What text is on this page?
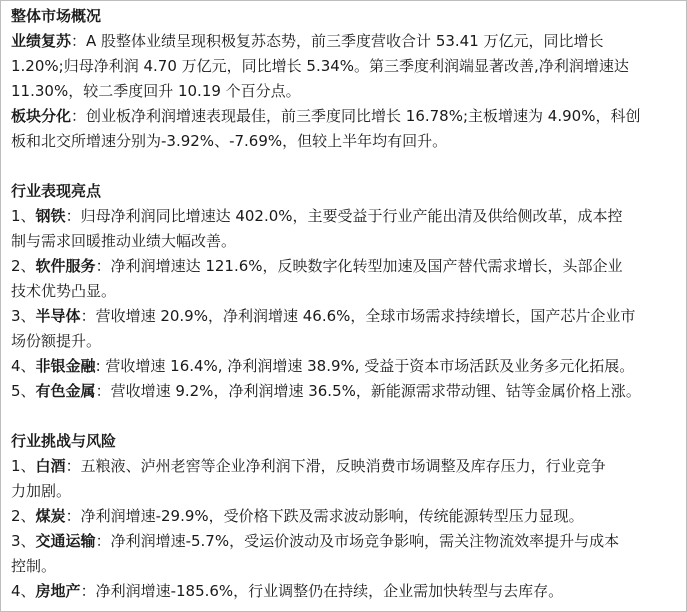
整体市场概况
业绩复苏：A 股整体业绩呈现积极复苏态势，前三季度营收合计 53.41 万亿元，同比增长
1.20%;归母净利润 4.70 万亿元，同比增长 5.34%。第三季度利润端显著改善,净利润增速达
11.30%，较二季度回升 10.19 个百分点。
板块分化：创业板净利润增速表现最佳，前三季度同比增长 16.78%;主板增速为 4.90%，科创
板和北交所增速分别为-3.92%、-7.69%，但较上半年均有回升。
行业表现亮点
1、钢铁：归母净利润同比增速达 402.0%，主要受益于行业产能出清及供给侧改革，成本控
制与需求回暖推动业绩大幅改善。
2、软件服务：净利润增速达 121.6%，反映数字化转型加速及国产替代需求增长，头部企业
技术优势凸显。
3、半导体：营收增速 20.9%，净利润增速 46.6%，全球市场需求持续增长，国产芯片企业市
场份额提升。
4、非银金融: 营收增速 16.4%, 净利润增速 38.9%, 受益于资本市场活跃及业务多元化拓展。
5、有色金属：营收增速 9.2%，净利润增速 36.5%，新能源需求带动锂、钴等金属价格上涨。
行业挑战与风险
1、白酒：五粮液、泸州老窖等企业净利润下滑，反映消费市场调整及库存压力，行业竞争
力加剧。
2、煤炭：净利润增速-29.9%，受价格下跌及需求波动影响，传统能源转型压力显现。
3、交通运输：净利润增速-5.7%，受运价波动及市场竞争影响，需关注物流效率提升与成本
控制。
4、房地产：净利润增速-185.6%，行业调整仍在持续，企业需加快转型与去库存。
